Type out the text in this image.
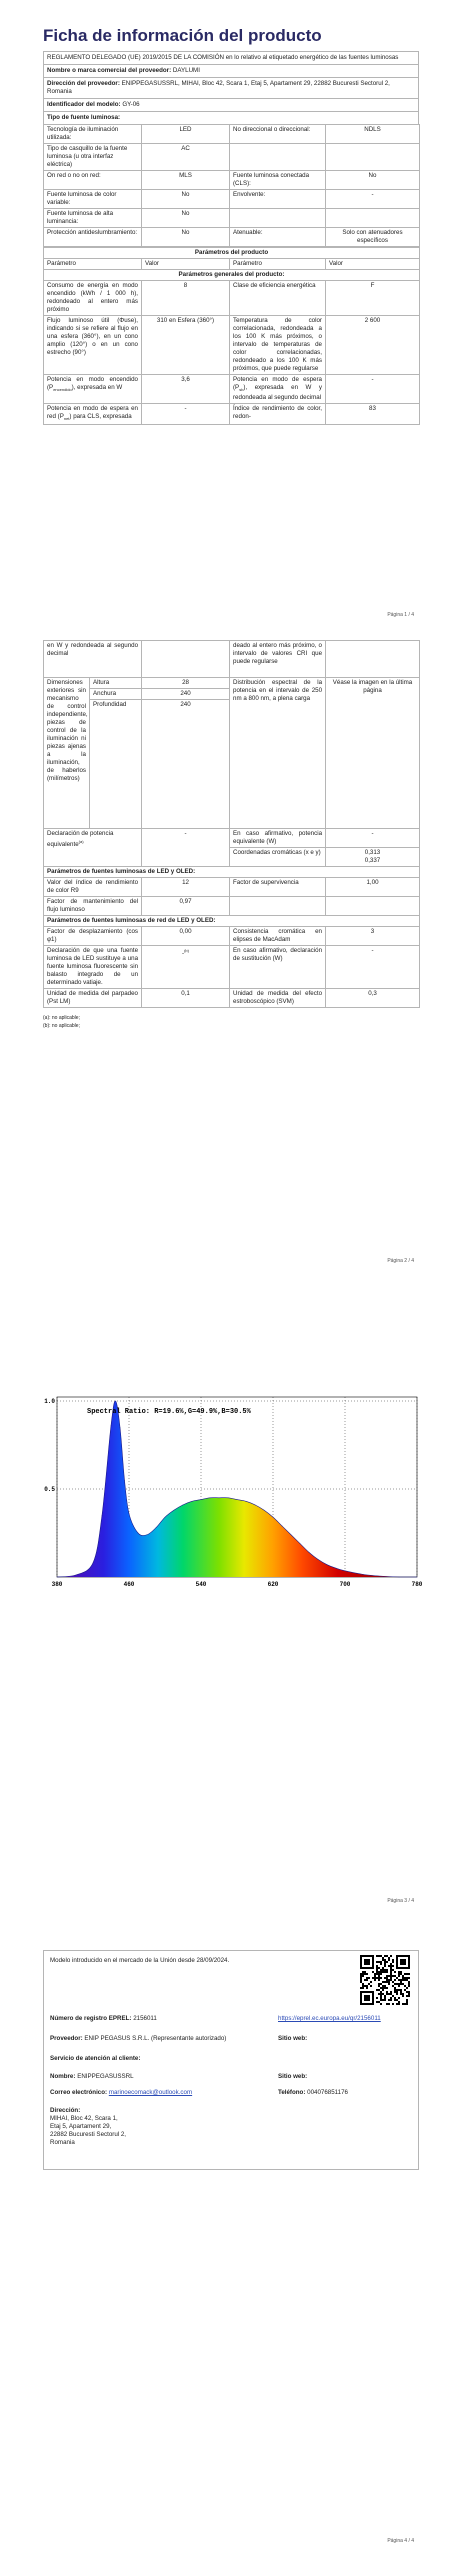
Ficha de información del producto
REGLAMENTO DELEGADO (UE) 2019/2015 DE LA COMISIÓN en lo relativo al etiquetado energético de las fuentes luminosas
Nombre o marca comercial del proveedor: DAYLUMI
Dirección del proveedor: ENIPPEGASUSSRL, MIHAI, Bloc 42, Scara 1, Etaj 5, Apartament 29, 22882 Bucuresti Sectorul 2, Romania
Identificador del modelo: GY-06
Tipo de fuente luminosa:
Tecnología de iluminación utilizada:	LED	No direccional o direccional:	NDLS
Tipo de casquillo de la fuente luminosa (u otra interfaz eléctrica)	AC		
On red o no on red:	MLS	Fuente luminosa conectada (CLS):	No
Fuente luminosa de color variable:	No	Envolvente:	-
Fuente luminosa de alta luminancia:	No		
Protección antideslumbramiento:	No	Atenuable:	Solo con atenuadores específicos
Parámetros del producto			
Parámetro	Valor	Parámetro	Valor
Parámetros generales del producto:			
Consumo de energía en modo encendido (kWh / 1 000 h), redondeado al entero más próximo	8	Clase de eficiencia energética	F
Flujo luminoso útil (Φuse), indicando si se refiere al flujo en una esfera (360°), en un cono amplio (120°) o en un cono estrecho (90°)	310 en Esfera (360°)	Temperatura de color correlacionada, redondeada a los 100 K más próximos, o intervalo de temperaturas de color correlacionadas, redondeado a los 100 K más próximos, que puede regularse	2 600
Potencia en modo encendido $(P_{encendido})$, expresada en W	3,6	Potencia en modo de espera $(P_{sb})$, expresada en W y redondeada al segundo decimal	-
Potencia en modo de espera en red $(P_{net})$ para CLS, expresada	-	Índice de rendimiento de color, redon-	83
Página 1 / 4
en W y redondeada al segundo decimal			deado al entero más próximo, o intervalo de valores CRI que puede regularse	
Dimensiones exteriores sin mecanismo de control independiente, piezas de control de la iluminación ni piezas ajenas a la iluminación, de haberlos (milímetros)	Altura	28	Distribución espectral de la potencia en el intervalo de 250 nm a 800 nm, a plena carga	Véase la imagen en la última página
	Anchura	240		
	Profundidad	240		
Declaración de potencia equivalente$^{(a)}$		-	En caso afirmativo, potencia equivalente (W)	-
			Coordenadas cromáticas (x e y)	0,313
0,337
Parámetros de fuentes luminosas de LED y OLED:				
Valor del índice de rendimiento de color R9		12	Factor de supervivencia	1,00
Factor de mantenimiento del flujo luminoso		0,97		
Parámetros de fuentes luminosas de red de LED y OLED:				
Factor de desplazamiento (cos φ1)		0,00	Consistencia cromática en elipses de MacAdam	3
Declaración de que una fuente luminosa de LED sustituye a una fuente luminosa fluorescente sin balasto integrado de un determinado vatiaje.		-$^{(b)}$	En caso afirmativo, declaración de sustitución (W)	-
Unidad de medida del parpadeo (Pst LM)		0,1	Unidad de medida del efecto estroboscópico (SVM)	0,3
(a): no aplicable;
(b): no aplicable;
Página 2 / 4
Página 3 / 4
Spectral Ratio: R=19.6%,G=49.9%,B=30.5%
380	460	540	620	700	780
0.5
1.0
Modelo introducido en el mercado de la Unión desde 28/09/2024.
Número de registro EPREL: 2156011	https://eprel.ec.europa.eu/qr/2156011
Proveedor: ENIP PEGASUS S.R.L. (Representante autorizado)	Sitio web:
Servicio de atención al cliente:
Nombre: ENIPPEGASUSSRL	Sitio web:
Correo electrónico: marinoecomack@outlook.com	Teléfono: 004076851176
Dirección:
MIHAI, Bloc 42, Scara 1,
Etaj 5, Apartament 29,
22882 Bucuresti Sectorul 2,
Romania
Página 4 / 4
